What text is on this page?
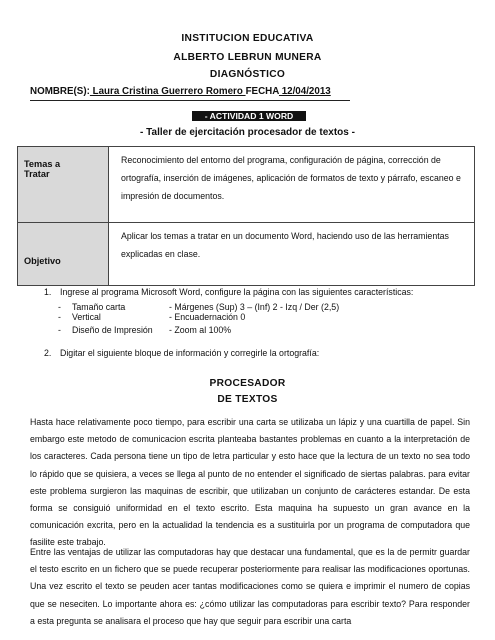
INSTITUCION EDUCATIVA
ALBERTO LEBRUN MUNERA
DIAGNÓSTICO
NOMBRE(S): Laura Cristina Guerrero Romero FECHA 12/04/2013
- ACTIVIDAD 1 WORD
- Taller de ejercitación procesador de textos -
Temas a
Tratar	Reconocimiento del entorno del programa, configuración de página, corrección de ortografía, inserción de imágenes, aplicación de formatos de texto y párrafo, escaneo e impresión de documentos.

Objetivo	Aplicar los temas a tratar en un documento Word, haciendo uso de las herramientas explicadas en clase.
1. Ingrese al programa Microsoft Word, configure la página con las siguientes características:
- Tamaño carta	- Márgenes (Sup) 3 – (Inf) 2 - Izq / Der (2,5)
- Vertical	- Encuadernación 0
- Diseño de Impresión - Zoom al 100%
2. Digitar el siguiente bloque de información y corregirle la ortografía:
PROCESADOR
DE TEXTOS
Hasta hace relativamente poco tiempo, para escribir una carta se utilizaba un lápiz y una cuartilla de papel. Sin embargo este metodo de comunicacion escrita planteaba bastantes problemas en cuanto a la interpretación de los caracteres. Cada persona tiene un tipo de letra particular y esto hace que la lectura de un texto no sea todo lo rápido que se quisiera, a veces se llega al punto de no entender el significado de siertas palabras. para evitar este problema surgieron las maquinas de escribir, que utilizaban un conjunto de carácteres estandar. De esta forma se consiguió uniformidad en el texto escrito. Esta maquina ha supuesto un gran avance en la comunicación excrita, pero en la actualidad la tendencia es a sustituirla por un programa de computadora que fasilite este trabajo.
Entre las ventajas de utilizar las computadoras hay que destacar una fundamental, que es la de permitr guardar el testo escrito en un fichero que se puede recuperar posteriormente para realisar las modificaciones oportunas. Una vez escrito el texto se peuden acer tantas modificaciones como se quiera e imprimir el numero de copias que se neseciten. Lo importante ahora es: ¿cómo utilizar las computadoras para escribir texto? Para responder a esta pregunta se analisara el proceso que hay que seguir para escribir una carta
